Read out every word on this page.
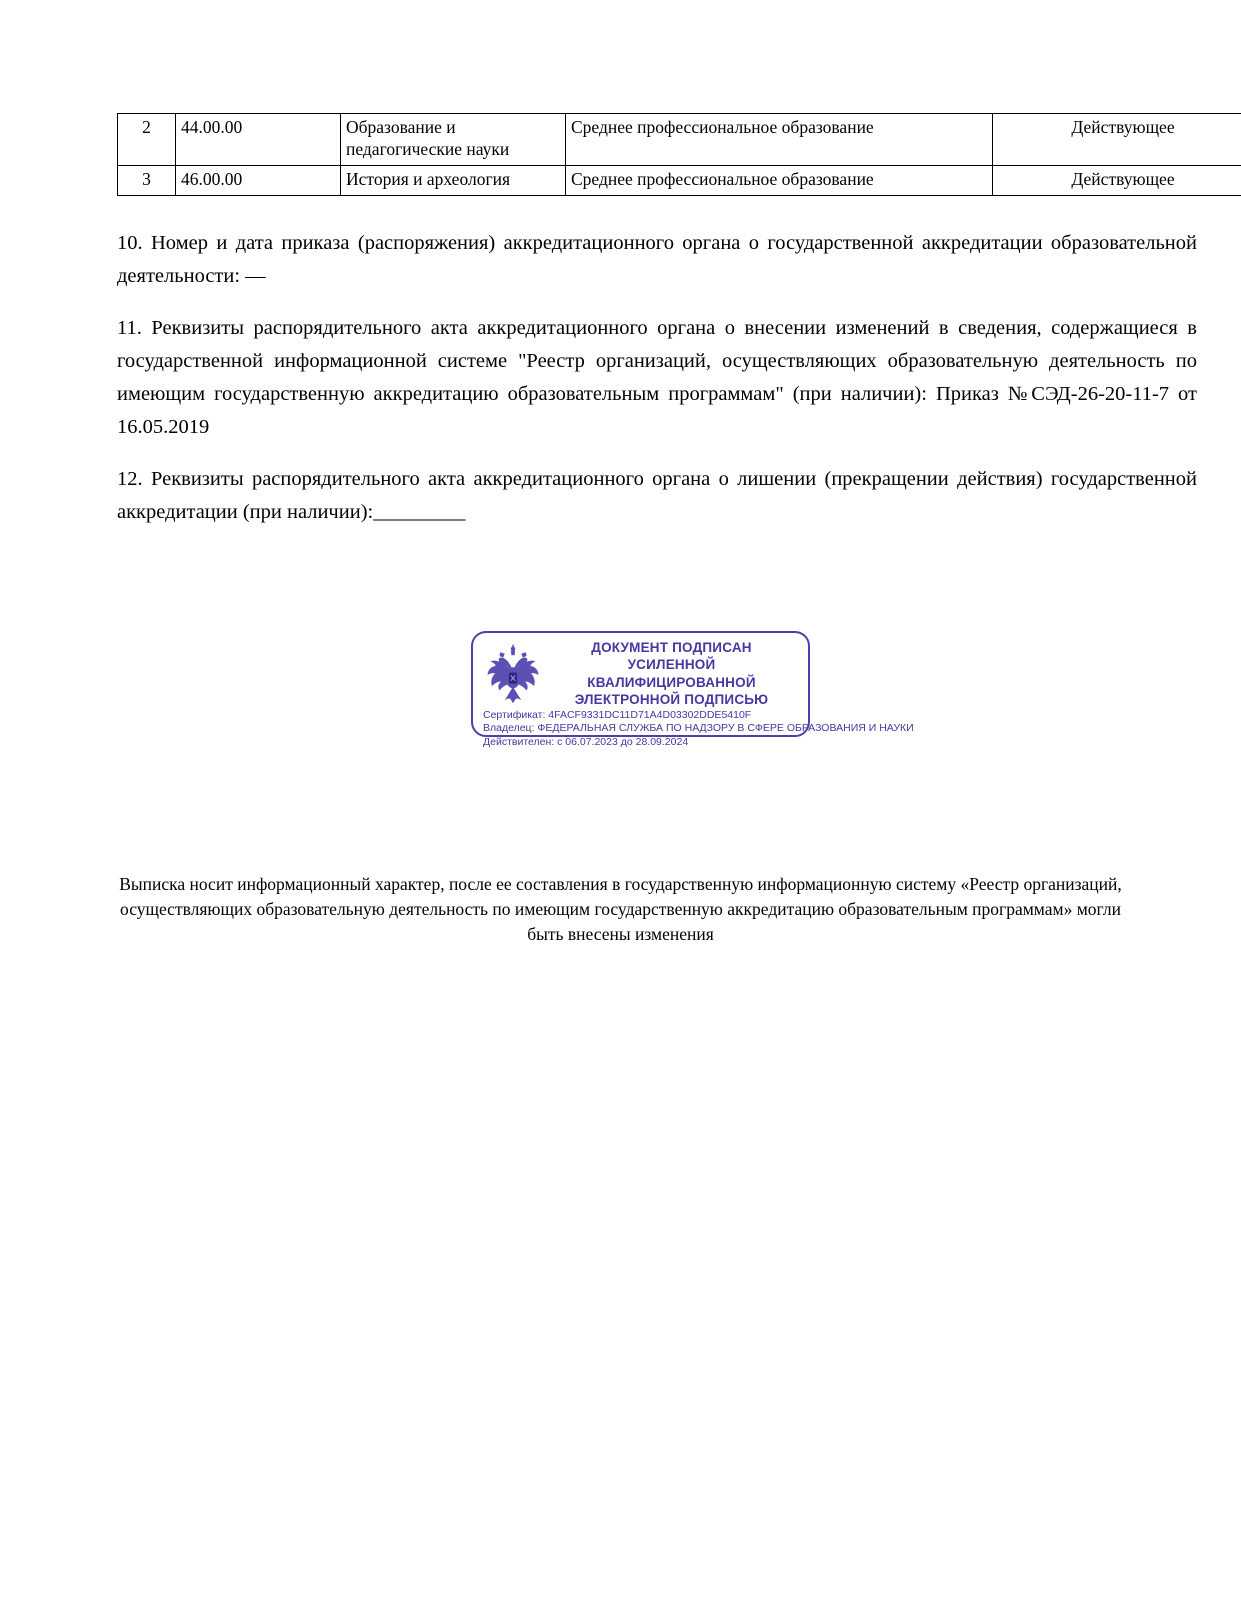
2	44.00.00	Образование и педагогические науки	Среднее профессиональное образование	Действующее
3	46.00.00	История и археология	Среднее профессиональное образование	Действующее

10. Номер и дата приказа (распоряжения) аккредитационного органа о государственной аккредитации образовательной деятельности: —

11. Реквизиты распорядительного акта аккредитационного органа о внесении изменений в сведения, содержащиеся в государственной информационной системе "Реестр организаций, осуществляющих образовательную деятельность по имеющим государственную аккредитацию образовательным программам" (при наличии): Приказ №СЭД-26-20-11-7 от 16.05.2019

12. Реквизиты распорядительного акта аккредитационного органа о лишении (прекращении действия) государственной аккредитации (при наличии):_________

ДОКУМЕНТ ПОДПИСАН
УСИЛЕННОЙ КВАЛИФИЦИРОВАННОЙ
ЭЛЕКТРОННОЙ ПОДПИСЬЮ
Сертификат: 4FACF9331DC11D71A4D03302DDE5410F
Владелец: ФЕДЕРАЛЬНАЯ СЛУЖБА ПО НАДЗОРУ В СФЕРЕ ОБРАЗОВАНИЯ И НАУКИ
Действителен: с 06.07.2023 до 28.09.2024
Выписка носит информационный характер, после ее составления в государственную информационную систему «Реестр организаций, осуществляющих образовательную деятельность по имеющим государственную аккредитацию образовательным программам» могли быть внесены изменения
